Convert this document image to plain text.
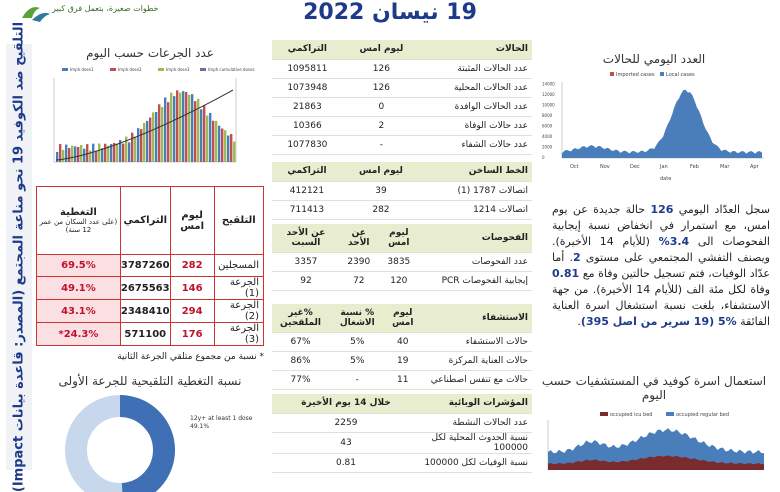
خطوات صغيرة، بتعمل فرق كبير	19 نيسان 2022
التلقيح ضد الكوفيد 19 نحو مناعة المجتمع (المصدر: قاعدة بيانات Impact)	عدد الجرعات حسب اليوم
Imph dose1	Imph dose2	Imph dose3	Imph cumulative doses
التلقيح	ليوم امس	التراكمي	التغطية
(على عدد السكان من عمر 12 سنة)

المسجلين	282	3787260	69.5%
الجرعة (1)	146	2675563	49.1%
الجرعة (2)	294	2348410	43.1%
الجرعة (3)	176	571100	24.3%*
* نسبة من مجموع متلقي الجرعة الثانية
نسبة التغطية التلقيحية للجرعة الأولى
12y+ at least 1 dose
49.1%
الحالات	ليوم امس	التراكمي
عدد الحالات المثبتة	126	1095811
عدد الحالات المحلية	126	1073948
عدد الحالات الوافدة	0	21863
عدد حالات الوفاة	2	10366
عدد حالات الشفاء	-	1077830
الخط الساخن	ليوم امس	التراكمي
اتصالات 1787 (1)	39	412121
اتصالات 1214	282	711413
الفحوصات	ليوم امس	عن الأحد	عن الأحد السبت
عدد الفحوصات	3835	2390	3357
إيجابية الفحوصات PCR	120	72	92
الاستشفاء	ليوم امس	% نسبة الاشغال	%غير الملقحين
حالات الاستشفاء	40	5%	67%
حالات العناية المركزة	19	5%	86%
حالات مع تنفس اصطناعي	11	-	77%
المؤشرات الوبائية	خلال 14 يوم الأخيرة
عدد الحالات النشطة	2259
نسبة الحدوث المحلية لكل 100000	43
نسبة الوفيات لكل 100000	0.81
العدد اليومي للحالات
Imported cases Local cases
0
2000
4000
6000
8000
10000
12000
14000
Oct	Nov	Dec	Jan	Feb	Mar	Apr
date
سجل العدّاد اليومي 126 حالة جديدة عن يوم امس، مع استمرار في انخفاض نسبة إيجابية الفحوصات الى 3.4% (للأيام 14 الأخيرة). ويصنف التفشي المجتمعي على مستوى 2. أما عدّاد الوفيات، فتم تسجيل حالتين وفاة مع 0.81 وفاة لكل مئة الف (للأيام 14 الأخيرة). من جهة الاستشفاء، بلغت نسبة استشغال اسرة العناية الفائقة %5 (19 سرير من اصل 395).
استعمال اسرة كوفيد في المستشفيات حسب اليوم
occupied icu bed	occupied regular bed
